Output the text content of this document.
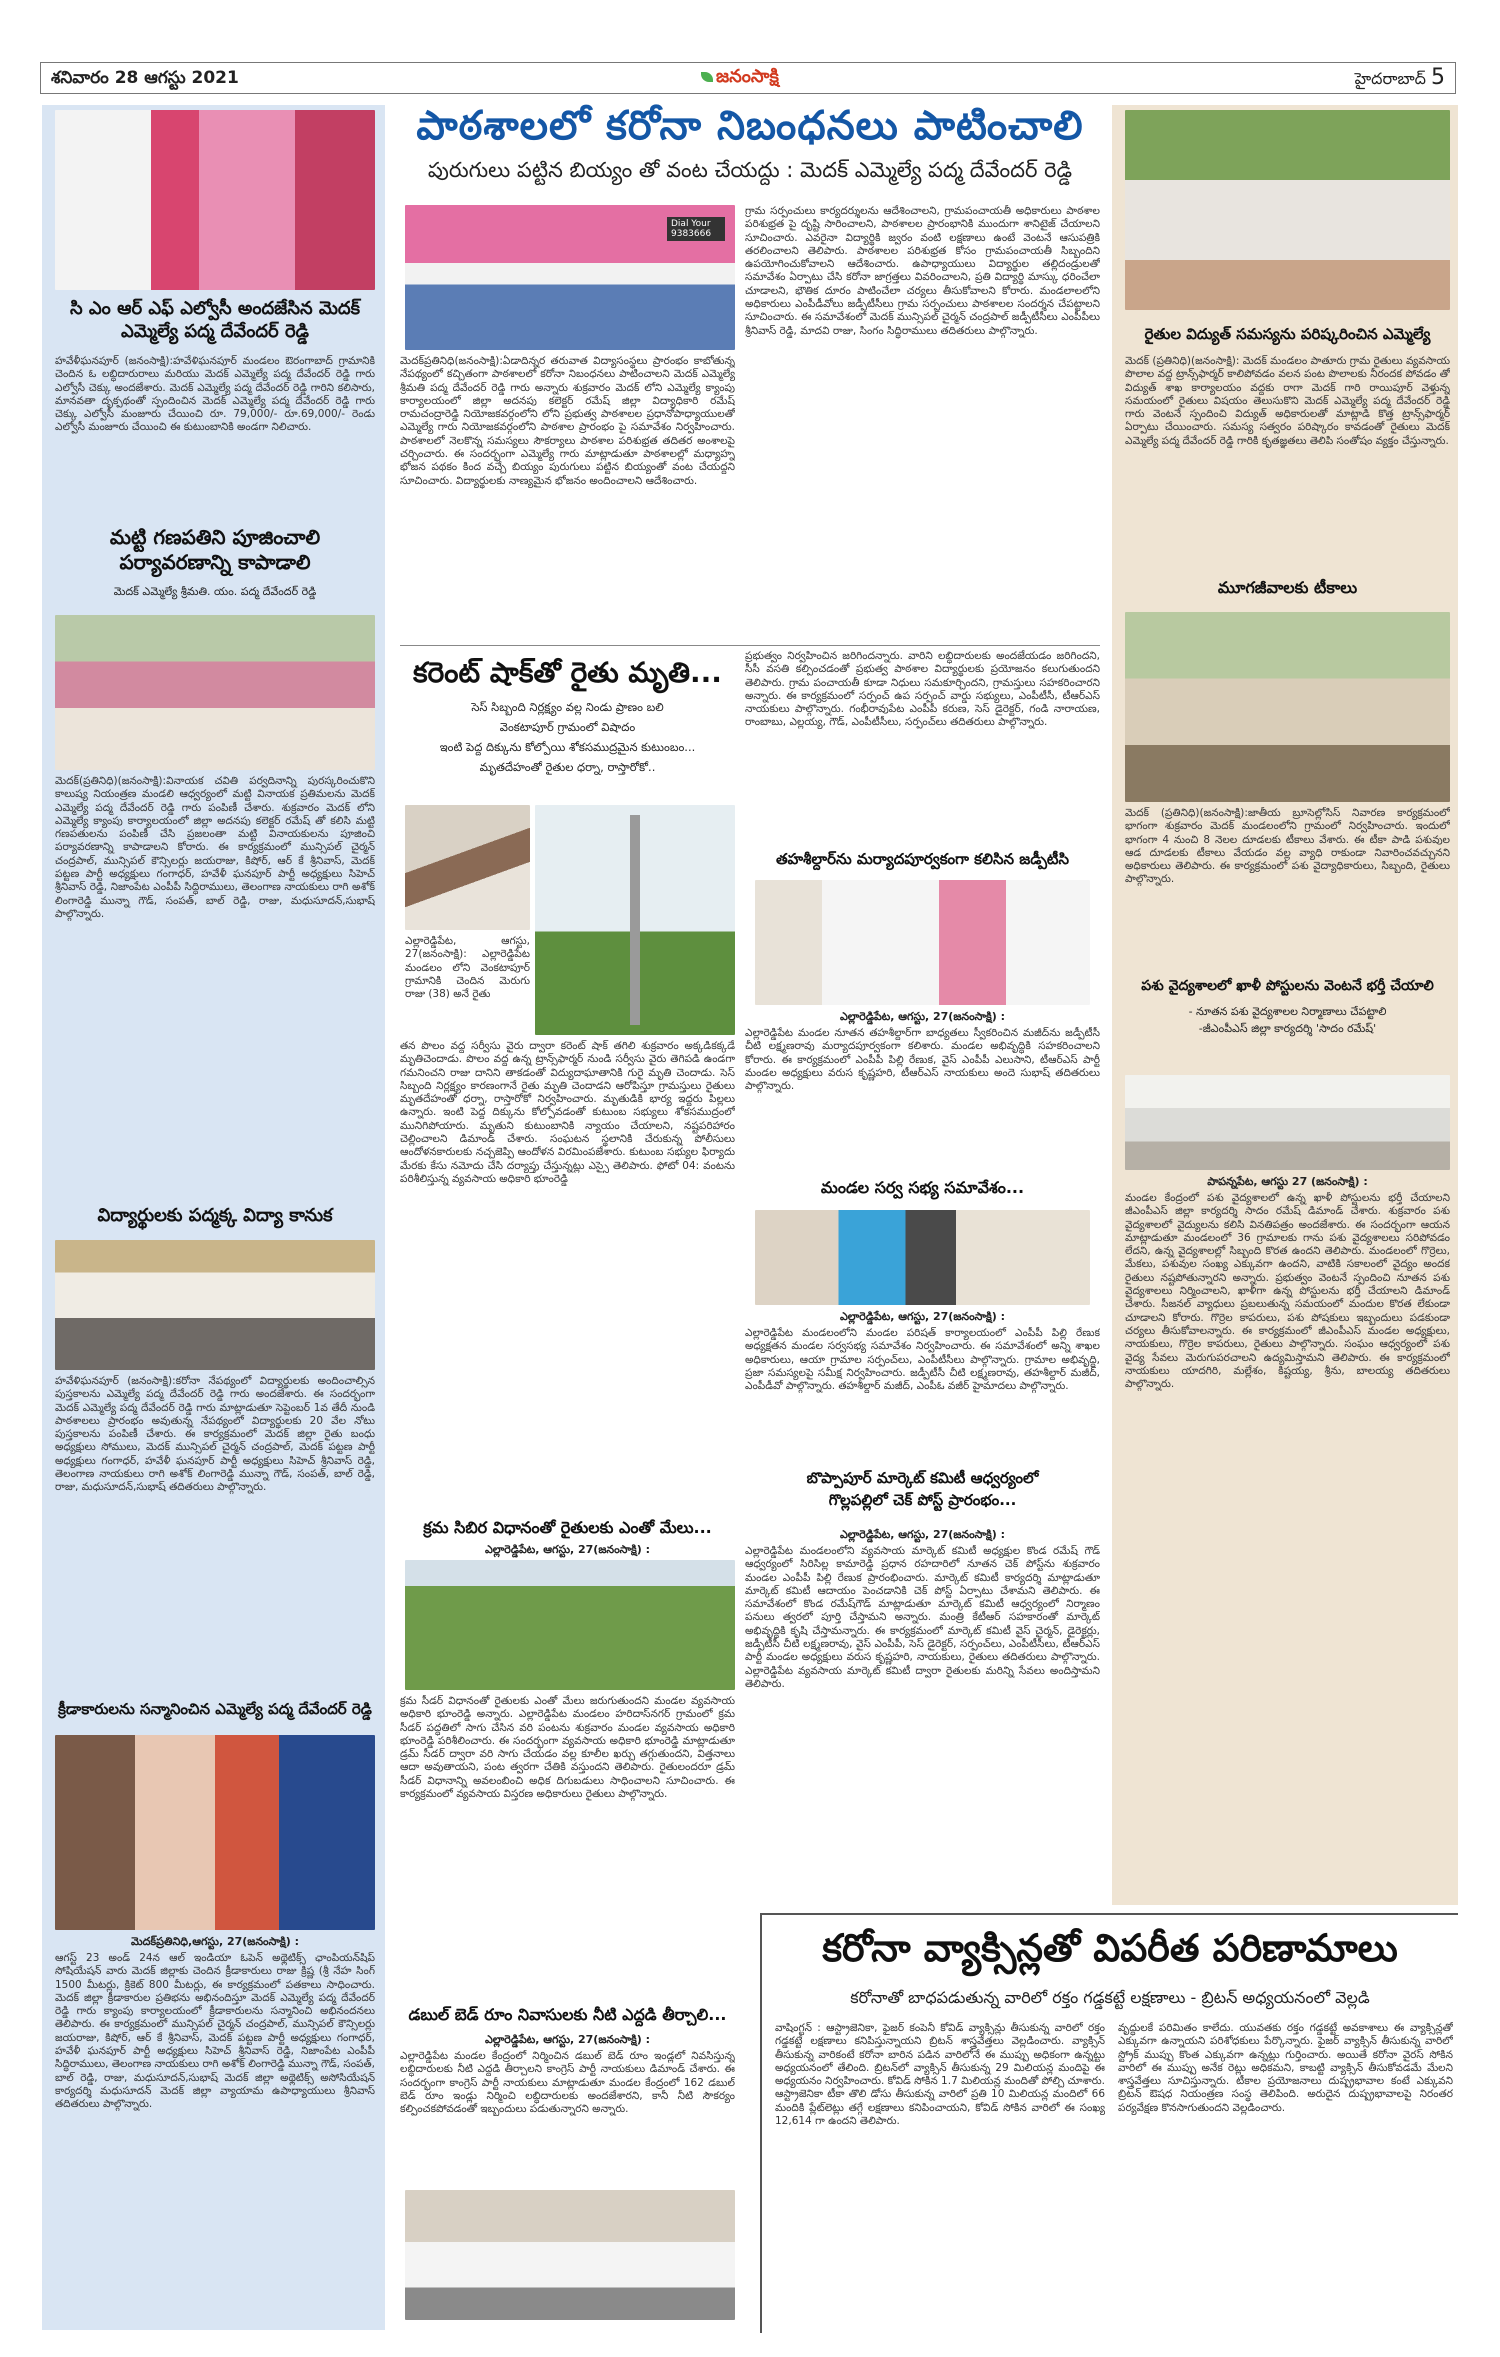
శనివారం 28 ఆగస్టు 2021	జనంసాక్షి	హైదరాబాద్ 5
సి ఎం ఆర్ ఎఫ్ ఎల్వోసీ అందజేసిన మెదక్ ఎమ్మెల్యే పద్మ దేవేందర్ రెడ్డి
హవేళీఘనపూర్ (జనంసాక్షి):హవేళిఘనపూర్ మండలం ఔరంగాబాద్ గ్రామానికి చెందిన ఓ లబ్ధిదారురాలు మరియు మెదక్ ఎమ్మెల్యే పద్మ దేవేందర్ రెడ్డి గారు ఎల్వోసీ చెక్కు అందజేశారు. మెదక్ ఎమ్మెల్యే పద్మ దేవేందర్ రెడ్డి గారిని కలిసారు, మానవతా దృక్పథంతో స్పందించిన మెదక్ ఎమ్మెల్యే పద్మ దేవేందర్ రెడ్డి గారు చెక్కు ఎల్వోసీ మంజూరు చేయించి రూ. 79,000/- రూ.69,000/- రెండు ఎల్వోసీ మంజూరు చేయించి ఈ కుటుంబానికి అండగా నిలిచారు.
మట్టి గణపతిని పూజించాలి పర్యావరణాన్ని కాపాడాలి
మెదక్ ఎమ్మెల్యే శ్రీమతి. యం. పద్మ దేవేందర్ రెడ్డి
మెదక్(ప్రతినిధి)(జనంసాక్షి):వినాయక చవితి పర్వదినాన్ని పురస్కరించుకొని కాలుష్య నియంత్రణ మండలి ఆధ్వర్యంలో మట్టి వినాయక ప్రతిమలను మెదక్ ఎమ్మెల్యే పద్మ దేవేందర్ రెడ్డి గారు పంపిణీ చేశారు. శుక్రవారం మెదక్ లోని ఎమ్మెల్యే క్యాంపు కార్యాలయంలో జిల్లా అదనపు కలెక్టర్ రమేష్ తో కలిసి మట్టి గణపతులను పంపిణీ చేసి ప్రజలంతా మట్టి వినాయకులను పూజించి పర్యావరణాన్ని కాపాడాలని కోరారు. ఈ కార్యక్రమంలో మున్సిపల్ చైర్మన్ చంద్రపాల్, మున్సిపల్ కౌన్సిలర్లు జయరాజు, కిషోర్, ఆర్ కే శ్రీనివాస్, మెదక్ పట్టణ పార్టీ అధ్యక్షులు గంగాధర్, హవేళీ ఘనపూర్ పార్టీ అధ్యక్షులు సిహెచ్ శ్రీనివాస్ రెడ్డి, నిజాంపేట ఎంపీపీ సిద్ధిరాములు, తెలంగాణ నాయకులు రాగి అశోక్ లింగారెడ్డి మున్నా గౌడ్, సంపత్, బాల్ రెడ్డి, రాజు, మధుసూదన్,సుభాష్ పాల్గొన్నారు.
విద్యార్థులకు పద్మక్క విద్యా కానుక
హవేళిఘనపూర్ (జనంసాక్షి):కరోనా నేపథ్యంలో విద్యార్థులకు అందించాల్సిన పుస్తకాలను ఎమ్మెల్యే పద్మ దేవేందర్ రెడ్డి గారు అందజేశారు. ఈ సందర్భంగా మెదక్ ఎమ్మెల్యే పద్మ దేవేందర్ రెడ్డి గారు మాట్లాడుతూ సెప్టెంబర్ 1వ తేదీ నుండి పాఠశాలలు ప్రారంభం అవుతున్న నేపథ్యంలో విద్యార్థులకు 20 వేల నోటు పుస్తకాలను పంపిణీ చేశారు. ఈ కార్యక్రమంలో మెదక్ జిల్లా రైతు బంధు అధ్యక్షులు సోములు, మెదక్ మున్సిపల్ చైర్మన్ చంద్రపాల్, మెదక్ పట్టణ పార్టీ అధ్యక్షులు గంగాధర్, హవేళీ ఘనపూర్ పార్టీ అధ్యక్షులు సిహెచ్ శ్రీనివాస్ రెడ్డి, తెలంగాణ నాయకులు రాగి అశోక్ లింగారెడ్డి మున్నా గౌడ్, సంపత్, బాల్ రెడ్డి, రాజు, మధుసూదన్,సుభాష్ తదితరులు పాల్గొన్నారు.
క్రీడాకారులను సన్మానించిన ఎమ్మెల్యే పద్మ దేవేందర్ రెడ్డి
మెదక్‌ప్రతినిధి,ఆగస్టు, 27(జనంసాక్షి) :
ఆగస్ట్ 23 అండ్ 24న ఆల్ ఇండియా ఓపెన్ అథ్లెటిక్స్ ఛాంపియన్‌షిప్ సోషియేషన్ వారు మెదక్ జిల్లాకు చెందిన క్రీడాకారులు రాజు క్రిష్ణ (శ్రీ నేహ సింగ్ 1500 మీటర్లు, క్రికెట్ 800 మీటర్లు, ఈ కార్యక్రమంలో పతకాలు సాధించారు. మెదక్ జిల్లా క్రీడాకారుల ప్రతిభను అభినందిస్తూ మెదక్ ఎమ్మెల్యే పద్మ దేవేందర్ రెడ్డి గారు క్యాంపు కార్యాలయంలో క్రీడాకారులను సన్మానించి అభినందనలు తెలిపారు. ఈ కార్యక్రమంలో మున్సిపల్ చైర్మన్ చంద్రపాల్, మున్సిపల్ కౌన్సిలర్లు జయరాజు, కిషోర్, ఆర్ కే శ్రీనివాస్, మెదక్ పట్టణ పార్టీ అధ్యక్షులు గంగాధర్, హవేళీ ఘనపూర్ పార్టీ అధ్యక్షులు సిహెచ్ శ్రీనివాస్ రెడ్డి, నిజాంపేట ఎంపీపీ సిద్ధిరాములు, తెలంగాణ నాయకులు రాగి అశోక్ లింగారెడ్డి మున్నా గౌడ్, సంపత్, బాల్ రెడ్డి, రాజు, మధుసూదన్,సుభాష్ మెదక్ జిల్లా అథ్లెటిక్స్ అసోసియేషన్ కార్యదర్శి మధుసూదన్ మెదక్ జిల్లా వ్యాయామ ఉపాధ్యాయులు శ్రీనివాస్ తదితరులు పాల్గొన్నారు.
పాఠశాలలో కరోనా నిబంధనలు పాటించాలి
పురుగులు పట్టిన బియ్యం తో వంట చేయద్దు : మెదక్ ఎమ్మెల్యే పద్మ దేవేందర్ రెడ్డి
Dial Your 9383666
మెదక్‌ప్రతినిధి(జనంసాక్షి):ఏడాదిన్నర తరువాత విద్యాసంస్థలు ప్రారంభం కాబోతున్న నేపథ్యంలో కచ్చితంగా పాఠశాలలో కరోనా నిబంధనలు పాటించాలని మెదక్ ఎమ్మెల్యే శ్రీమతి పద్మ దేవేందర్ రెడ్డి గారు అన్నారు శుక్రవారం మెదక్ లోని ఎమ్మెల్యే క్యాంపు కార్యాలయంలో జిల్లా అదనపు కలెక్టర్ రమేష్ జిల్లా విద్యాధికారి రమేష్ రామచంద్రారెడ్డి నియోజకవర్గంలోని లోని ప్రభుత్వ పాఠశాలల ప్రధానోపాధ్యాయులతో ఎమ్మెల్యే గారు నియోజకవర్గంలోని పాఠశాల ప్రారంభం పై సమావేశం నిర్వహించారు. పాఠశాలలో నెలకొన్న సమస్యలు సౌకర్యాలు పాఠశాల పరిశుభ్రత తదితర అంశాలపై చర్చించారు. ఈ సందర్భంగా ఎమ్మెల్యే గారు మాట్లాడుతూ పాఠశాలల్లో మధ్యాహ్న భోజన పథకం కింద వచ్చే బియ్యం పురుగులు పట్టిన బియ్యంతో వంట చేయద్దని సూచించారు. విద్యార్థులకు నాణ్యమైన భోజనం అందించాలని ఆదేశించారు.
గ్రామ సర్పంచులు కార్యదర్శులను ఆదేశించాలని, గ్రామపంచాయతీ అధికారులు పాఠశాల పరిశుభ్రత పై దృష్టి సారించాలని, పాఠశాలల ప్రారంభానికి ముందుగా శానిటైజ్ చేయాలని సూచించారు. ఎవరైనా విద్యార్థికి జ్వరం వంటి లక్షణాలు ఉంటే వెంటనే ఆసుపత్రికి తరలించాలని తెలిపారు. పాఠశాలల పరిశుభ్రత కోసం గ్రామపంచాయతీ సిబ్బందిని ఉపయోగించుకోవాలని ఆదేశించారు. ఉపాధ్యాయులు విద్యార్థుల తల్లిదండ్రులతో సమావేశం ఏర్పాటు చేసి కరోనా జాగ్రత్తలు వివరించాలని, ప్రతి విద్యార్థి మాస్కు ధరించేలా చూడాలని, భౌతిక దూరం పాటించేలా చర్యలు తీసుకోవాలని కోరారు. మండలాలలోని అధికారులు ఎంపీడీవోలు జడ్పీటీసీలు గ్రామ సర్పంచులు పాఠశాలల సందర్శన చేపట్టాలని సూచించారు. ఈ సమావేశంలో మెదక్ మున్సిపల్ చైర్మన్ చంద్రపాల్ జడ్పీటీసీలు ఎంపీపీలు శ్రీనివాస్ రెడ్డి, మాదవి రాజు, సింగం సిద్ధిరాములు తదితరులు పాల్గొన్నారు.
కరెంట్ షాక్‌తో రైతు మృతి...
సెస్ సిబ్బంది నిర్లక్ష్యం వల్ల నిండు ప్రాణం బలి
వెంకటాపూర్ గ్రామంలో విషాదం
ఇంటి పెద్ద దిక్కును కోల్పోయి శోకసముద్రమైన కుటుంబం...
మృతదేహంతో రైతుల ధర్నా, రాస్తారోకో..
ఎల్లారెడ్డిపేట, ఆగస్టు, 27(జనంసాక్షి): ఎల్లారెడ్డిపేట మండలం లోని వెంకటాపూర్ గ్రామానికి చెందిన మెరుగు రాజు (38) అనే రైతు
తన పొలం వద్ద సర్వీసు వైరు ద్వారా కరెంట్ షాక్ తగిలి శుక్రవారం అక్కడికక్కడే మృతిచెందాడు. పొలం వద్ద ఉన్న ట్రాన్స్‌ఫార్మర్ నుండి సర్వీసు వైరు తెగిపడి ఉండగా గమనించని రాజు దానిని తాకడంతో విద్యుదాఘాతానికి గురై మృతి చెందాడు. సెస్ సిబ్బంది నిర్లక్ష్యం కారణంగానే రైతు మృతి చెందాడని ఆరోపిస్తూ గ్రామస్తులు రైతులు మృతదేహంతో ధర్నా, రాస్తారోకో నిర్వహించారు. మృతుడికి భార్య ఇద్దరు పిల్లలు ఉన్నారు. ఇంటి పెద్ద దిక్కును కోల్పోవడంతో కుటుంబ సభ్యులు శోకసముద్రంలో మునిగిపోయారు. మృతుని కుటుంబానికి న్యాయం చేయాలని, నష్టపరిహారం చెల్లించాలని డిమాండ్ చేశారు. సంఘటన స్థలానికి చేరుకున్న పోలీసులు ఆందోళనకారులకు నచ్చజెప్పి ఆందోళన విరమింపజేశారు. కుటుంబ సభ్యుల ఫిర్యాదు మేరకు కేసు నమోదు చేసి దర్యాప్తు చేస్తున్నట్లు ఎస్సై తెలిపారు. ఫోటో 04: వంటను పరిశీలిస్తున్న వ్యవసాయ అధికారి భూంరెడ్డి
క్రమ సిబిర విధానంతో రైతులకు ఎంతో మేలు...
ఎల్లారెడ్డిపేట, ఆగస్టు, 27(జనంసాక్షి) :
క్రమ సీడర్ విధానంతో రైతులకు ఎంతో మేలు జరుగుతుందని మండల వ్యవసాయ అధికారి భూంరెడ్డి అన్నారు. ఎల్లారెడ్డిపేట మండలం హరిదాస్‌నగర్ గ్రామంలో క్రమ సీడర్ పద్ధతిలో సాగు చేసిన వరి పంటను శుక్రవారం మండల వ్యవసాయ అధికారి భూంరెడ్డి పరిశీలించారు. ఈ సందర్భంగా వ్యవసాయ అధికారి భూంరెడ్డి మాట్లాడుతూ డ్రమ్ సీడర్ ద్వారా వరి సాగు చేయడం వల్ల కూలీల ఖర్చు తగ్గుతుందని, విత్తనాలు ఆదా అవుతాయని, పంట త్వరగా చేతికి వస్తుందని తెలిపారు. రైతులందరూ డ్రమ్ సీడర్ విధానాన్ని అవలంబించి అధిక దిగుబడులు సాధించాలని సూచించారు. ఈ కార్యక్రమంలో వ్యవసాయ విస్తరణ అధికారులు రైతులు పాల్గొన్నారు.
డబుల్ బెడ్ రూం నివాసులకు నీటి ఎద్దడి తీర్చాలి...
ఎల్లారెడ్డిపేట, ఆగస్టు, 27(జనంసాక్షి) :
ఎల్లారెడ్డిపేట మండల కేంద్రంలో నిర్మించిన డబుల్ బెడ్ రూం ఇండ్లలో నివసిస్తున్న లబ్ధిదారులకు నీటి ఎద్దడి తీర్చాలని కాంగ్రెస్ పార్టీ నాయకులు డిమాండ్ చేశారు. ఈ సందర్భంగా కాంగ్రెస్ పార్టీ నాయకులు మాట్లాడుతూ మండల కేంద్రంలో 162 డబుల్ బెడ్ రూం ఇండ్లు నిర్మించి లబ్ధిదారులకు అందజేశారని, కానీ నీటి సౌకర్యం కల్పించకపోవడంతో ఇబ్బందులు పడుతున్నారని అన్నారు.
ప్రభుత్వం నిర్వహించిన జరిగిందన్నారు. వారిని లబ్ధిదారులకు అందజేయడం జరిగిందని, సీసీ వసతి కల్పించడంతో ప్రభుత్వ పాఠశాల విద్యార్థులకు ప్రయోజనం కలుగుతుందని తెలిపారు. గ్రామ పంచాయతీ కూడా నిధులు సమకూర్చిందని, గ్రామస్తులు సహకరించారని అన్నారు. ఈ కార్యక్రమంలో సర్పంచ్ ఉప సర్పంచ్ వార్డు సభ్యులు, ఎంపీటీసీ, టీఆర్ఎస్ నాయకులు పాల్గొన్నారు. గంభీరావుపేట ఎంపీపీ కరుణ, సెస్ డైరెక్టర్, గండి నారాయణ, రాంబాబు, ఎల్లయ్య, గౌడ్, ఎంపీటీసీలు, సర్పంచ్‌లు తదితరులు పాల్గొన్నారు.
తహశీల్దార్‌ను మర్యాదపూర్వకంగా కలిసిన జడ్పీటీసి
ఎల్లారెడ్డిపేట, ఆగస్టు, 27(జనంసాక్షి) :
ఎల్లారెడ్డిపేట మండల నూతన తహశీల్దార్‌గా బాధ్యతలు స్వీకరించిన మజీద్‌ను జడ్పీటీసీ చీటి లక్ష్మణరావు మర్యాదపూర్వకంగా కలిశారు. మండల అభివృద్ధికి సహకరించాలని కోరారు. ఈ కార్యక్రమంలో ఎంపీపీ పిల్లి రేణుక, వైస్ ఎంపీపీ ఎలుసాని, టీఆర్ఎస్ పార్టీ మండల అధ్యక్షులు వరుస కృష్ణహరి, టీఆర్ఎస్ నాయకులు అందె సుభాష్ తదితరులు పాల్గొన్నారు.
మండల సర్వ సభ్య సమావేశం...
ఎల్లారెడ్డిపేట, ఆగస్టు, 27(జనంసాక్షి) :
ఎల్లారెడ్డిపేట మండలంలోని మండల పరిషత్ కార్యాలయంలో ఎంపీపీ పిల్లి రేణుక అధ్యక్షతన మండల సర్వసభ్య సమావేశం నిర్వహించారు. ఈ సమావేశంలో అన్ని శాఖల అధికారులు, ఆయా గ్రామాల సర్పంచ్‌లు, ఎంపీటీసీలు పాల్గొన్నారు. గ్రామాల అభివృద్ధి, ప్రజా సమస్యలపై సమీక్ష నిర్వహించారు. జడ్పీటీసీ చీటి లక్ష్మణరావు, తహశీల్దార్ మజీద్, ఎంపీడీవో పాల్గొన్నారు. తహశీల్దార్ మజీద్, ఎంపీఓ వజీర్ హైమాదలు పాల్గొన్నారు.
బొప్పాపూర్ మార్కెట్ కమిటీ ఆధ్వర్యంలో గొల్లపల్లిలో చెక్ పోస్ట్ ప్రారంభం...
ఎల్లారెడ్డిపేట, ఆగస్టు, 27(జనంసాక్షి) :
ఎల్లారెడ్డిపేట మండలంలోని వ్యవసాయ మార్కెట్ కమిటీ అధ్యక్షుల కొండ రమేష్ గౌడ్ ఆధ్వర్యంలో సిరిసిల్ల కామారెడ్డి ప్రధాన రహదారిలో నూతన చెక్ పోస్ట్‌ను శుక్రవారం మండల ఎంపీపీ పిల్లి రేణుక ప్రారంభించారు. మార్కెట్ కమిటీ కార్యదర్శి మాట్లాడుతూ మార్కెట్ కమిటీ ఆదాయం పెంచడానికి చెక్ పోస్ట్ ఏర్పాటు చేశామని తెలిపారు. ఈ సమావేశంలో కొండ రమేష్‌గౌడ్ మాట్లాడుతూ మార్కెట్ కమిటీ ఆధ్వర్యంలో నిర్మాణం పనులు త్వరలో పూర్తి చేస్తామని అన్నారు. మంత్రి కేటీఆర్ సహకారంతో మార్కెట్ అభివృద్ధికి కృషి చేస్తామన్నారు. ఈ కార్యక్రమంలో మార్కెట్ కమిటీ వైస్ చైర్మన్, డైరెక్టర్లు, జడ్పీటీసీ చీటి లక్ష్మణరావు, వైస్ ఎంపీపీ, సెస్ డైరెక్టర్, సర్పంచ్‌లు, ఎంపీటీసీలు, టీఆర్ఎస్ పార్టీ మండల అధ్యక్షులు వరుస కృష్ణహరి, నాయకులు, రైతులు తదితరులు పాల్గొన్నారు. ఎల్లారెడ్డిపేట వ్యవసాయ మార్కెట్ కమిటీ ద్వారా రైతులకు మరిన్ని సేవలు అందిస్తామని తెలిపారు.
రైతుల విద్యుత్ సమస్యను పరిష్కరించిన ఎమ్మెల్యే
మెదక్ (ప్రతినిధి)(జనంసాక్షి): మెదక్ మండలం పాతూరు గ్రామ రైతులు వ్యవసాయ పొలాల వద్ద ట్రాన్స్‌ఫార్మర్ కాలిపోవడం వలన పంట పొలాలకు నీరందక పోవడం తో విద్యుత్ శాఖ కార్యాలయం వద్దకు రాగా మెదక్ గారి రాయిపూర్ వెళ్తున్న సమయంలో రైతులు విషయం తెలుసుకొని మెదక్ ఎమ్మెల్యే పద్మ దేవేందర్ రెడ్డి గారు వెంటనే స్పందించి విద్యుత్ అధికారులతో మాట్లాడి కొత్త ట్రాన్స్‌ఫార్మర్ ఏర్పాటు చేయించారు. సమస్య సత్వరం పరిష్కారం కావడంతో రైతులు మెదక్ ఎమ్మెల్యే పద్మ దేవేందర్ రెడ్డి గారికి కృతజ్ఞతలు తెలిపి సంతోషం వ్యక్తం చేస్తున్నారు.
మూగజీవాలకు టీకాలు
మెదక్ (ప్రతినిధి)(జనంసాక్షి):జాతీయ బ్రూసెల్లోసిస్ నివారణ కార్యక్రమంలో భాగంగా శుక్రవారం మెదక్ మండలంలోని గ్రామంలో నిర్వహించారు. ఇందులో భాగంగా 4 నుంచి 8 నెలల దూడలకు టీకాలు వేశారు. ఈ టీకా పాడి పశువుల ఆడ దూడలకు టీకాలు వేయడం వల్ల వ్యాధి రాకుండా నివారించవచ్చునని అధికారులు తెలిపారు. ఈ కార్యక్రమంలో పశు వైద్యాధికారులు, సిబ్బంది, రైతులు పాల్గొన్నారు.
పశు వైద్యశాలలో ఖాళీ పోస్టులను వెంటనే భర్తీ చేయాలి
- నూతన పశు వైద్యశాలల నిర్మాణాలు చేపట్టాలి
-జీఎంపీఎస్ జిల్లా కార్యదర్శి 'సాదం రమేష్'
పాపన్నపేట, ఆగస్టు 27 (జనంసాక్షి) :
మండల కేంద్రంలో పశు వైద్యశాలలో ఉన్న ఖాళీ పోస్టులను భర్తీ చేయాలని జీఎంపీఎస్ జిల్లా కార్యదర్శి సాదం రమేష్ డిమాండ్ చేశారు. శుక్రవారం పశు వైద్యశాలలో వైద్యులను కలిసి వినతిపత్రం అందజేశారు. ఈ సందర్భంగా ఆయన మాట్లాడుతూ మండలంలో 36 గ్రామాలకు గాను పశు వైద్యశాలలు సరిపోవడం లేదని, ఉన్న వైద్యశాలల్లో సిబ్బంది కొరత ఉందని తెలిపారు. మండలంలో గొర్రెలు, మేకలు, పశువుల సంఖ్య ఎక్కువగా ఉందని, వాటికి సకాలంలో వైద్యం అందక రైతులు నష్టపోతున్నారని అన్నారు. ప్రభుత్వం వెంటనే స్పందించి నూతన పశు వైద్యశాలలు నిర్మించాలని, ఖాళీగా ఉన్న పోస్టులను భర్తీ చేయాలని డిమాండ్ చేశారు. సీజనల్ వ్యాధులు ప్రబలుతున్న సమయంలో మందుల కొరత లేకుండా చూడాలని కోరారు. గొర్రెల కాపరులు, పశు పోషకులు ఇబ్బందులు పడకుండా చర్యలు తీసుకోవాలన్నారు. ఈ కార్యక్రమంలో జీఎంపీఎస్ మండల అధ్యక్షులు, నాయకులు, గొర్రెల కాపరులు, రైతులు పాల్గొన్నారు. సంఘం ఆధ్వర్యంలో పశు వైద్య సేవలు మెరుగుపరచాలని ఉద్యమిస్తామని తెలిపారు. ఈ కార్యక్రమంలో నాయకులు యాదగిరి, మల్లేశం, కిష్టయ్య, శ్రీను, బాలయ్య తదితరులు పాల్గొన్నారు.
కరోనా వ్యాక్సిన్లతో విపరీత పరిణామాలు
కరోనాతో బాధపడుతున్న వారిలో రక్తం గడ్డకట్టే లక్షణాలు - బ్రిటన్ అధ్యయనంలో వెల్లడి
వాషింగ్టన్ : ఆస్ట్రాజెనికా, ఫైజర్ కంపెనీ కోవిడ్ వ్యాక్సిన్లు తీసుకున్న వారిలో రక్తం గడ్డకట్టే లక్షణాలు కనిపిస్తున్నాయని బ్రిటన్ శాస్త్రవేత్తలు వెల్లడించారు. వ్యాక్సిన్ తీసుకున్న వారికంటే కరోనా బారిన పడిన వారిలోనే ఈ ముప్పు అధికంగా ఉన్నట్టు అధ్యయనంలో తేలింది. బ్రిటన్‌లో వ్యాక్సిన్ తీసుకున్న 29 మిలియన్ల మందిపై ఈ అధ్యయనం నిర్వహించారు. కోవిడ్ సోకిన 1.7 మిలియన్ల మందితో పోల్చి చూశారు. ఆస్ట్రాజెనికా టీకా తొలి డోసు తీసుకున్న వారిలో ప్రతి 10 మిలియన్ల మందిలో 66 మందికి ప్లేట్‌లెట్లు తగ్గే లక్షణాలు కనిపించాయని, కోవిడ్ సోకిన వారిలో ఈ సంఖ్య 12,614 గా ఉందని తెలిపారు.
వృద్ధులకే పరిమితం కాలేదు. యువతకు రక్తం గడ్డకట్టే అవకాశాలు ఈ వ్యాక్సిన్లతో ఎక్కువగా ఉన్నాయని పరిశోధకులు పేర్కొన్నారు. ఫైజర్ వ్యాక్సిన్ తీసుకున్న వారిలో స్ట్రోక్ ముప్పు కొంత ఎక్కువగా ఉన్నట్లు గుర్తించారు. అయితే కరోనా వైరస్ సోకిన వారిలో ఈ ముప్పు అనేక రెట్లు అధికమని, కాబట్టి వ్యాక్సిన్ తీసుకోవడమే మేలని శాస్త్రవేత్తలు సూచిస్తున్నారు. టీకాల ప్రయోజనాలు దుష్ప్రభావాల కంటే ఎక్కువని బ్రిటన్ ఔషధ నియంత్రణ సంస్థ తెలిపింది. అరుదైన దుష్ప్రభావాలపై నిరంతర పర్యవేక్షణ కొనసాగుతుందని వెల్లడించారు.
